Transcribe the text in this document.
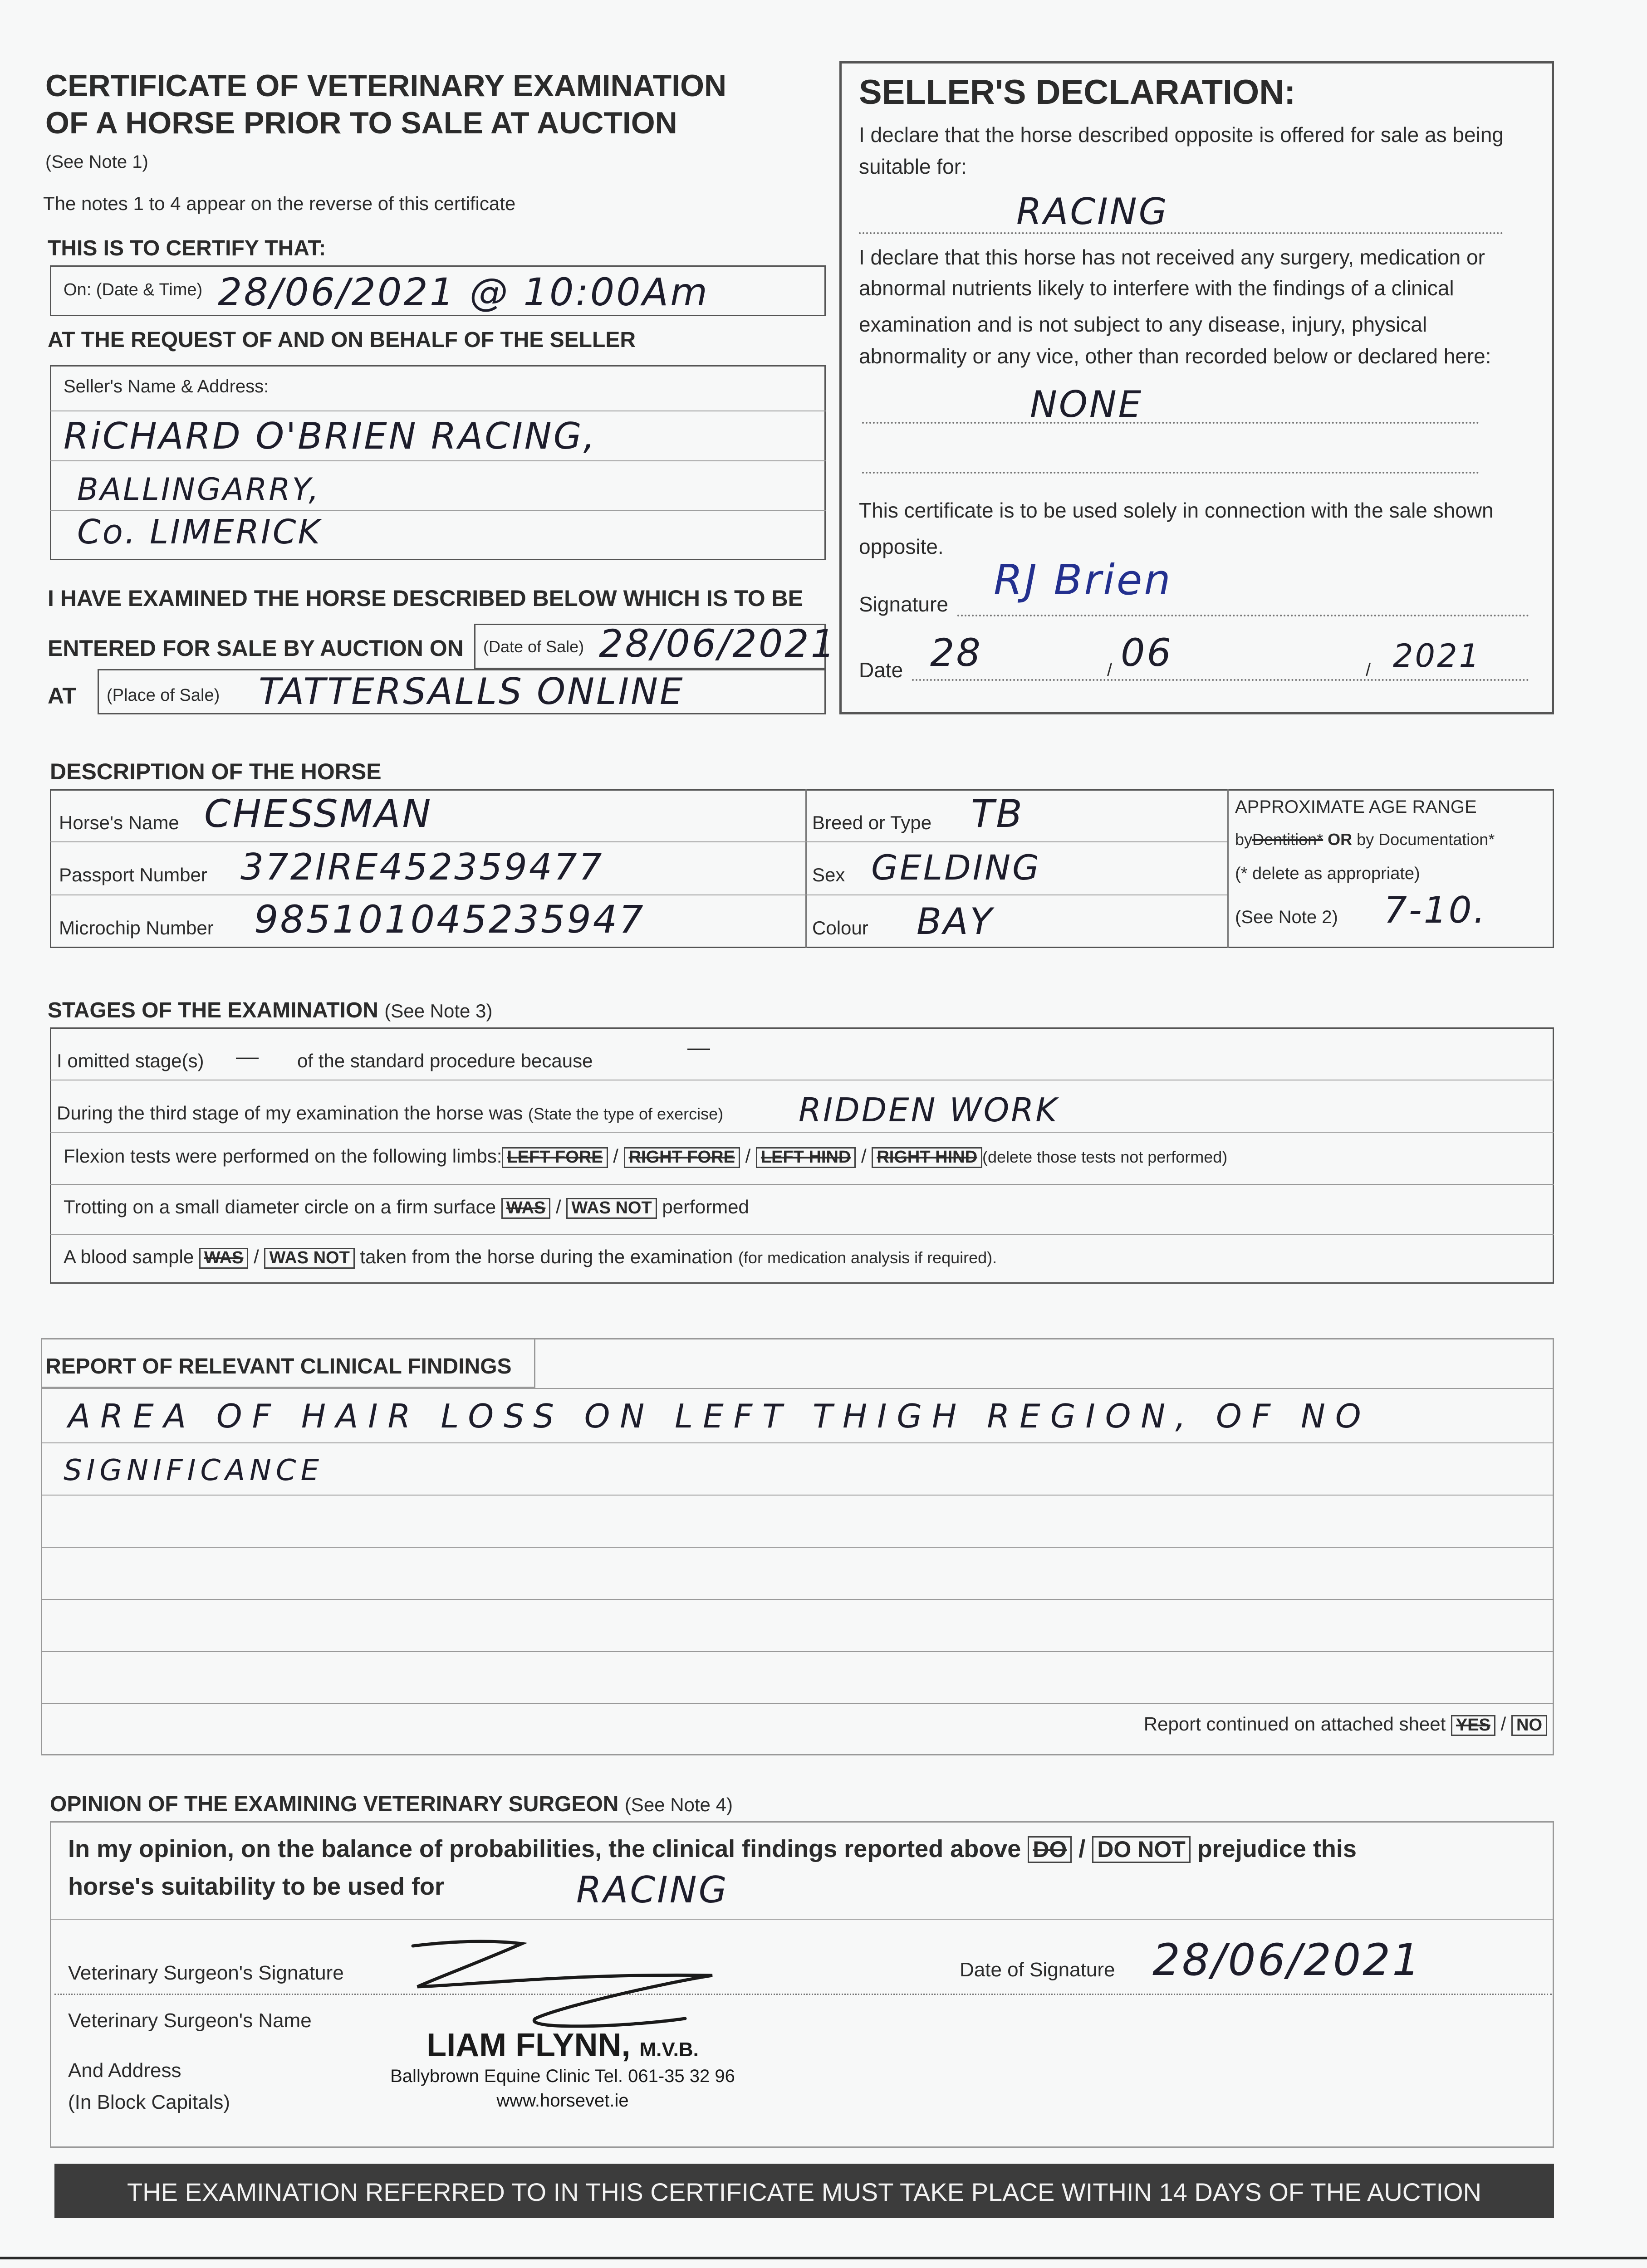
CERTIFICATE OF VETERINARY EXAMINATION
OF A HORSE PRIOR TO SALE AT AUCTION
(See Note 1)
The notes 1 to 4 appear on the reverse of this certificate
THIS IS TO CERTIFY THAT:
On: (Date & Time) 28/06/2021 @ 10:00Am
AT THE REQUEST OF AND ON BEHALF OF THE SELLER
Seller's Name & Address:
RiCHARD O'BRIEN RACING,
BALLINGARRY,
Co. LIMERICK
I HAVE EXAMINED THE HORSE DESCRIBED BELOW WHICH IS TO BE
ENTERED FOR SALE BY AUCTION ON (Date of Sale) 28/06/2021
AT (Place of Sale) TATTERSALLS ONLINE
SELLER'S DECLARATION:
I declare that the horse described opposite is offered for sale as being
suitable for:
RACING
I declare that this horse has not received any surgery, medication or
abnormal nutrients likely to interfere with the findings of a clinical
examination and is not subject to any disease, injury, physical
abnormality or any vice, other than recorded below or declared here:
NONE
This certificate is to be used solely in connection with the sale shown
opposite.
Signature RJ Brien
Date 28	/ 06	/ 2021
DESCRIPTION OF THE HORSE
Horse's Name CHESSMAN
Passport Number 372IRE452359477
Microchip Number 985101045235947
Breed or Type TB
Sex GELDING
Colour BAY
APPROXIMATE AGE RANGE
byDentition* OR by Documentation*
(* delete as appropriate)
(See Note 2) 7-10.
STAGES OF THE EXAMINATION (See Note 3)
I omitted stage(s) — of the standard procedure because
—
During the third stage of my examination the horse was (State the type of exercise) RIDDEN WORK
Flexion tests were performed on the following limbs: LEFT FORE / RIGHT FORE / LEFT HIND / RIGHT HIND (delete those tests not performed)
Trotting on a small diameter circle on a firm surface WAS / WAS NOT performed
A blood sample WAS / WAS NOT taken from the horse during the examination (for medication analysis if required).
REPORT OF RELEVANT CLINICAL FINDINGS
AREA OF HAIR LOSS ON LEFT THIGH REGION, OF NO
SIGNIFICANCE
Report continued on attached sheet YES / NO
OPINION OF THE EXAMINING VETERINARY SURGEON (See Note 4)
In my opinion, on the balance of probabilities, the clinical findings reported above DO / DO NOT prejudice this
horse's suitability to be used for	RACING
Veterinary Surgeon's Signature	Date of Signature 28/06/2021
Veterinary Surgeon's Name
And Address
(In Block Capitals)
LIAM FLYNN, M.V.B.
Ballybrown Equine Clinic Tel. 061-35 32 96
www.horsevet.ie
THE EXAMINATION REFERRED TO IN THIS CERTIFICATE MUST TAKE PLACE WITHIN 14 DAYS OF THE AUCTION
